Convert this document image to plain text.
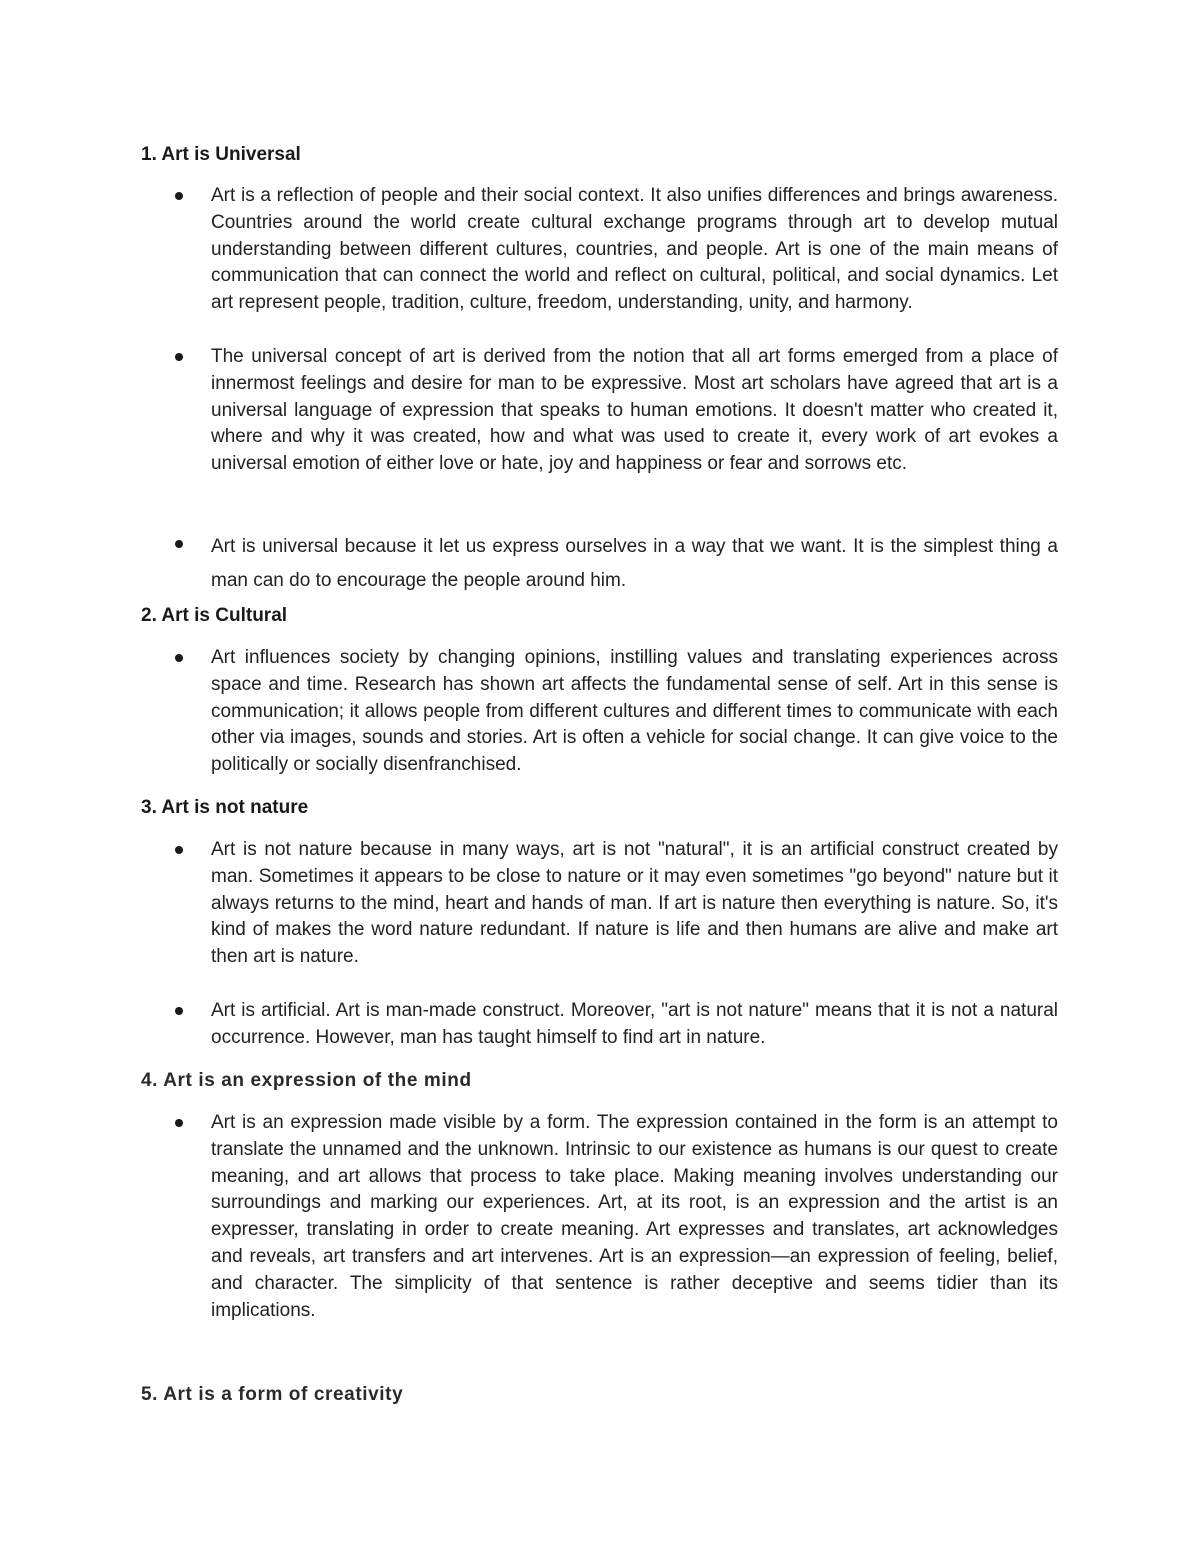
1. Art is Universal
Art is a reflection of people and their social context. It also unifies differences and brings awareness. Countries around the world create cultural exchange programs through art to develop mutual understanding between different cultures, countries, and people. Art is one of the main means of communication that can connect the world and reflect on cultural, political, and social dynamics. Let art represent people, tradition, culture, freedom, understanding, unity, and harmony.
The universal concept of art is derived from the notion that all art forms emerged from a place of innermost feelings and desire for man to be expressive. Most art scholars have agreed that art is a universal language of expression that speaks to human emotions. It doesn't matter who created it, where and why it was created, how and what was used to create it, every work of art evokes a universal emotion of either love or hate, joy and happiness or fear and sorrows etc.
Art is universal because it let us express ourselves in a way that we want. It is the simplest thing a man can do to encourage the people around him.
2. Art is Cultural
Art influences society by changing opinions, instilling values and translating experiences across space and time. Research has shown art affects the fundamental sense of self. Art in this sense is communication; it allows people from different cultures and different times to communicate with each other via images, sounds and stories. Art is often a vehicle for social change. It can give voice to the politically or socially disenfranchised.
3. Art is not nature
Art is not nature because in many ways, art is not "natural", it is an artificial construct created by man. Sometimes it appears to be close to nature or it may even sometimes "go beyond" nature but it always returns to the mind, heart and hands of man. If art is nature then everything is nature. So, it's kind of makes the word nature redundant. If nature is life and then humans are alive and make art then art is nature.
Art is artificial. Art is man-made construct. Moreover, "art is not nature" means that it is not a natural occurrence. However, man has taught himself to find art in nature.
4. Art is an expression of the mind
Art is an expression made visible by a form. The expression contained in the form is an attempt to translate the unnamed and the unknown. Intrinsic to our existence as humans is our quest to create meaning, and art allows that process to take place. Making meaning involves understanding our surroundings and marking our experiences. Art, at its root, is an expression and the artist is an expresser, translating in order to create meaning. Art expresses and translates, art acknowledges and reveals, art transfers and art intervenes. Art is an expression—an expression of feeling, belief, and character. The simplicity of that sentence is rather deceptive and seems tidier than its implications.
5. Art is a form of creativity
